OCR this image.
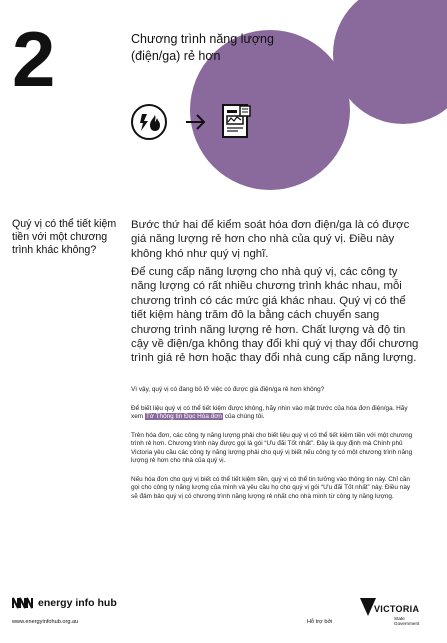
2	Chương trình năng lượng (điện/ga) rẻ hơn
Quý vị có thể tiết kiệm tiền với một chương trình khác không?

Bước thứ hai để kiểm soát hóa đơn điện/ga là có được giá năng lượng rẻ hơn cho nhà của quý vị. Điều này không khó như quý vị nghĩ.

Để cung cấp năng lượng cho nhà quý vị, các công ty năng lượng có rất nhiều chương trình khác nhau, mỗi chương trình có các mức giá khác nhau. Quý vị có thể tiết kiệm hàng trăm đô la bằng cách chuyển sang chương trình năng lượng rẻ hơn. Chất lượng và độ tin cậy về điện/ga không thay đổi khi quý vị thay đổi chương trình giá rẻ hơn hoặc thay đổi nhà cung cấp năng lượng.

Vì vậy, quý vị có đang bỏ lỡ việc có được giá điện/ga rẻ hơn không?

Để biết liệu quý vị có thể tiết kiệm được không, hãy nhìn vào mặt trước của hóa đơn điện/ga. Hãy xem Tờ Thông tin Đọc Hóa đơn của chúng tôi.

Trên hóa đơn, các công ty năng lượng phải cho biết liệu quý vị có thể tiết kiệm tiền với một chương trình rẻ hơn. Chương trình này được gọi là gói “Ưu đãi Tốt nhất”. Đây là quy định mà Chính phủ Victoria yêu cầu các công ty năng lượng phải cho quý vị biết nếu công ty có một chương trình năng lượng rẻ hơn cho nhà của quý vị.

Nếu hóa đơn cho quý vị biết có thể tiết kiệm tiền, quý vị có thể tin tưởng vào thông tin này. Chỉ cần gọi cho công ty năng lượng của mình và yêu cầu họ cho quý vị gói “Ưu đãi Tốt nhất” này. Điều này sẽ đảm bảo quý vị có chương trình năng lượng rẻ nhất cho nhà mình từ công ty năng lượng.

energy info hub
www.energyinfohub.org.au	Hỗ trợ bởi
VICTORIA
State
Government
